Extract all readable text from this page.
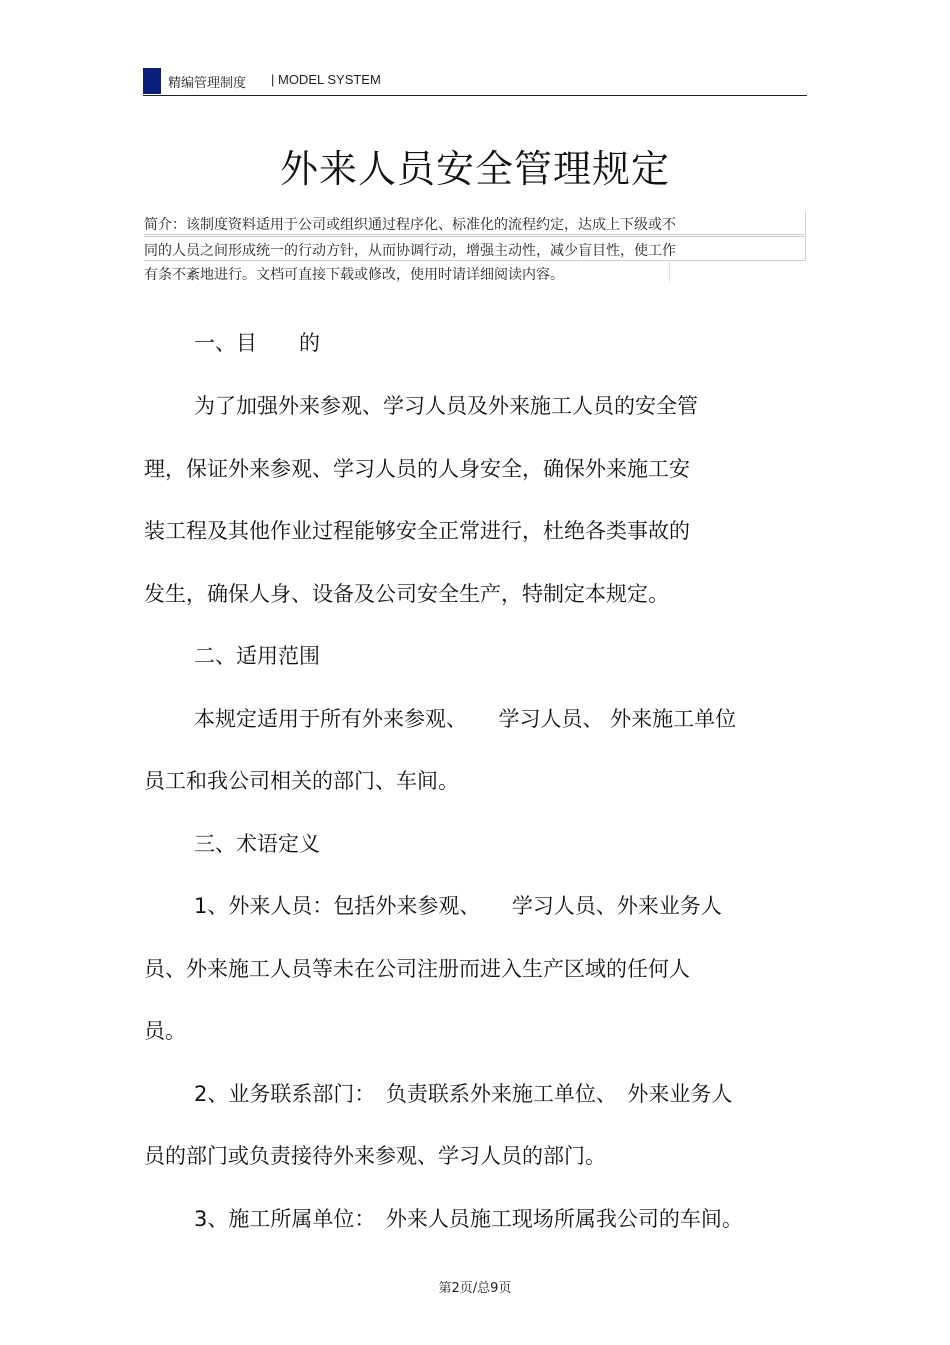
精编管理制度 | MODEL SYSTEM
外来人员安全管理规定
简介：该制度资料适用于公司或组织通过程序化、标准化的流程约定，达成上下级或不
同的人员之间形成统一的行动方针，从而协调行动，增强主动性，减少盲目性，使工作
有条不紊地进行。文档可直接下载或修改，使用时请详细阅读内容。
一、目　　的
为了加强外来参观、学习人员及外来施工人员的安全管
理，保证外来参观、学习人员的人身安全，确保外来施工安
装工程及其他作业过程能够安全正常进行，杜绝各类事故的
发生，确保人身、设备及公司安全生产，特制定本规定。
二、适用范围
本规定适用于所有外来参观、　　学习人员、 外来施工单位
员工和我公司相关的部门、车间。
三、术语定义
1、外来人员：包括外来参观、　　学习人员、外来业务人
员、外来施工人员等未在公司注册而进入生产区域的任何人
员。
2、业务联系部门：　负责联系外来施工单位、　外来业务人
员的部门或负责接待外来参观、学习人员的部门。
3、施工所属单位：　外来人员施工现场所属我公司的车间。
第2页/总9页
